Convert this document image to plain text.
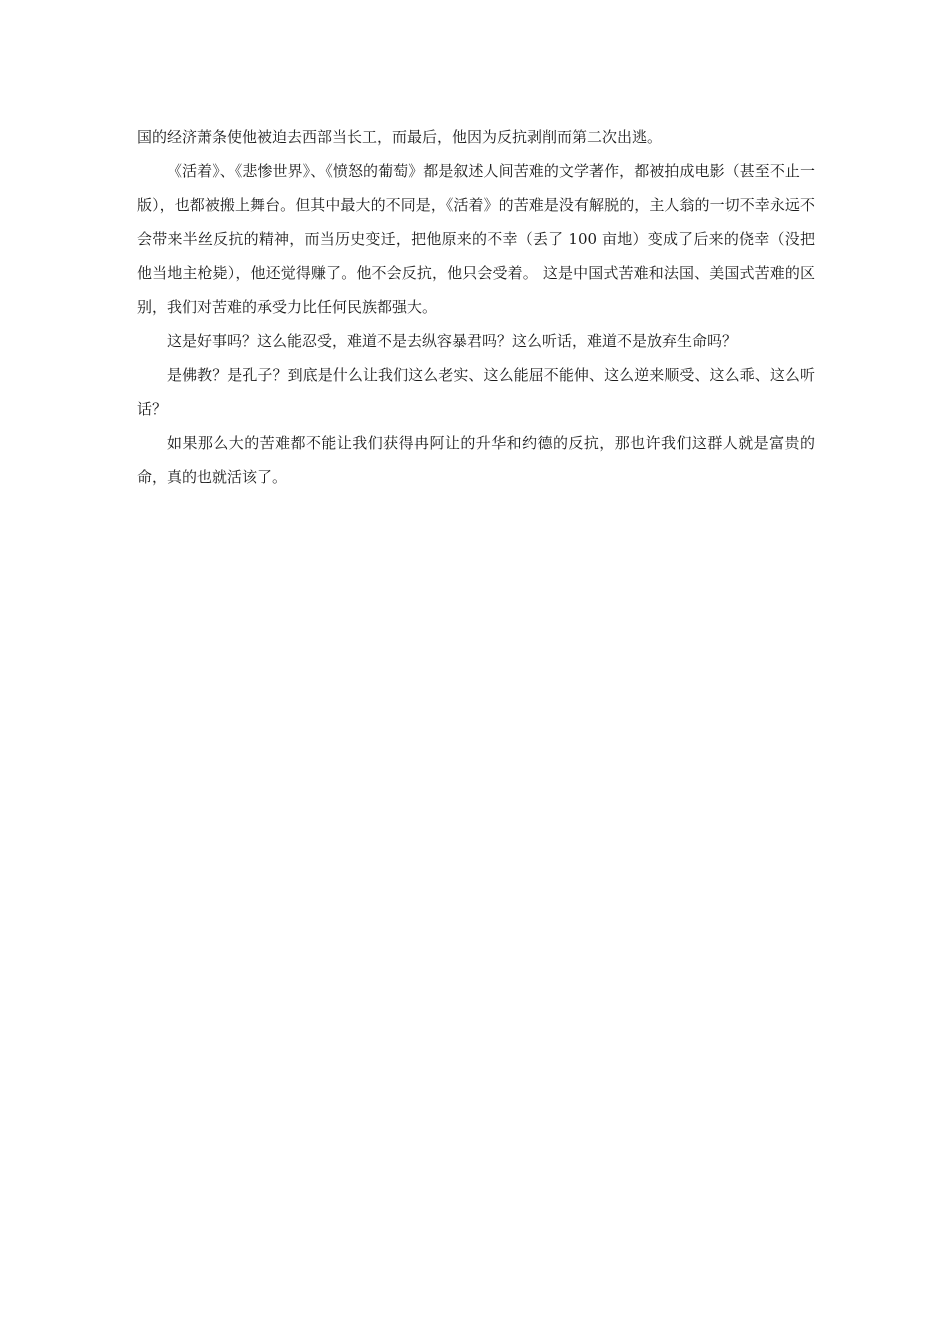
国的经济萧条使他被迫去西部当长工，而最后，他因为反抗剥削而第二次出逃。

《活着》、《悲惨世界》、《愤怒的葡萄》都是叙述人间苦难的文学著作，都被拍成电影（甚至不止一版），也都被搬上舞台。但其中最大的不同是，《活着》的苦难是没有解脱的，主人翁的一切不幸永远不会带来半丝反抗的精神，而当历史变迁，把他原来的不幸（丢了 100 亩地）变成了后来的侥幸（没把他当地主枪毙），他还觉得赚了。他不会反抗，他只会受着。 这是中国式苦难和法国、美国式苦难的区别，我们对苦难的承受力比任何民族都强大。

这是好事吗？这么能忍受，难道不是去纵容暴君吗？这么听话，难道不是放弃生命吗？

是佛教？是孔子？到底是什么让我们这么老实、这么能屈不能伸、这么逆来顺受、这么乖、这么听话？

如果那么大的苦难都不能让我们获得冉阿让的升华和约德的反抗，那也许我们这群人就是富贵的命，真的也就活该了。
